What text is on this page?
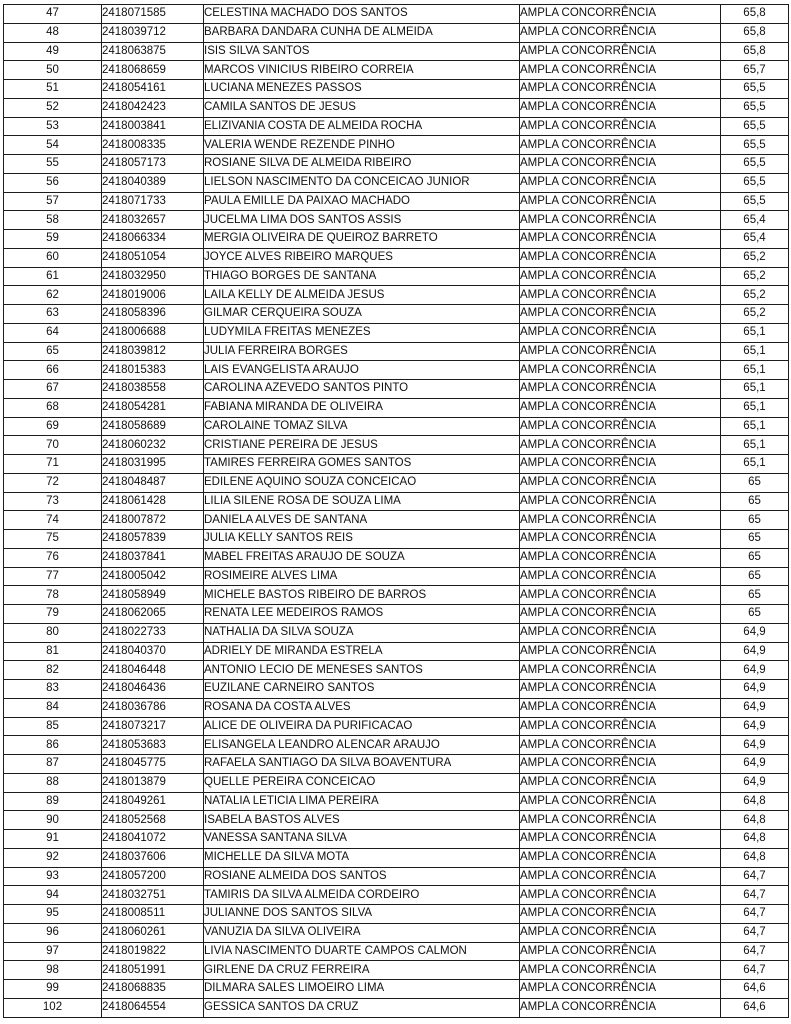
47	2418071585	CELESTINA MACHADO DOS SANTOS	AMPLA CONCORRÊNCIA	65,8
48	2418039712	BARBARA DANDARA CUNHA DE ALMEIDA	AMPLA CONCORRÊNCIA	65,8
49	2418063875	ISIS SILVA SANTOS	AMPLA CONCORRÊNCIA	65,8
50	2418068659	MARCOS VINICIUS RIBEIRO CORREIA	AMPLA CONCORRÊNCIA	65,7
51	2418054161	LUCIANA MENEZES PASSOS	AMPLA CONCORRÊNCIA	65,5
52	2418042423	CAMILA SANTOS DE JESUS	AMPLA CONCORRÊNCIA	65,5
53	2418003841	ELIZIVANIA COSTA DE ALMEIDA ROCHA	AMPLA CONCORRÊNCIA	65,5
54	2418008335	VALERIA WENDE REZENDE PINHO	AMPLA CONCORRÊNCIA	65,5
55	2418057173	ROSIANE SILVA DE ALMEIDA RIBEIRO	AMPLA CONCORRÊNCIA	65,5
56	2418040389	LIELSON NASCIMENTO DA CONCEICAO JUNIOR	AMPLA CONCORRÊNCIA	65,5
57	2418071733	PAULA EMILLE DA PAIXAO MACHADO	AMPLA CONCORRÊNCIA	65,5
58	2418032657	JUCELMA LIMA DOS SANTOS ASSIS	AMPLA CONCORRÊNCIA	65,4
59	2418066334	MERGIA OLIVEIRA DE QUEIROZ BARRETO	AMPLA CONCORRÊNCIA	65,4
60	2418051054	JOYCE ALVES RIBEIRO MARQUES	AMPLA CONCORRÊNCIA	65,2
61	2418032950	THIAGO BORGES DE SANTANA	AMPLA CONCORRÊNCIA	65,2
62	2418019006	LAILA KELLY DE ALMEIDA JESUS	AMPLA CONCORRÊNCIA	65,2
63	2418058396	GILMAR CERQUEIRA SOUZA	AMPLA CONCORRÊNCIA	65,2
64	2418006688	LUDYMILA FREITAS MENEZES	AMPLA CONCORRÊNCIA	65,1
65	2418039812	JULIA FERREIRA BORGES	AMPLA CONCORRÊNCIA	65,1
66	2418015383	LAIS EVANGELISTA ARAUJO	AMPLA CONCORRÊNCIA	65,1
67	2418038558	CAROLINA AZEVEDO SANTOS PINTO	AMPLA CONCORRÊNCIA	65,1
68	2418054281	FABIANA MIRANDA DE OLIVEIRA	AMPLA CONCORRÊNCIA	65,1
69	2418058689	CAROLAINE TOMAZ SILVA	AMPLA CONCORRÊNCIA	65,1
70	2418060232	CRISTIANE PEREIRA DE JESUS	AMPLA CONCORRÊNCIA	65,1
71	2418031995	TAMIRES FERREIRA GOMES SANTOS	AMPLA CONCORRÊNCIA	65,1
72	2418048487	EDILENE AQUINO SOUZA CONCEICAO	AMPLA CONCORRÊNCIA	65
73	2418061428	LILIA SILENE ROSA DE SOUZA LIMA	AMPLA CONCORRÊNCIA	65
74	2418007872	DANIELA ALVES DE SANTANA	AMPLA CONCORRÊNCIA	65
75	2418057839	JULIA KELLY SANTOS REIS	AMPLA CONCORRÊNCIA	65
76	2418037841	MABEL FREITAS ARAUJO DE SOUZA	AMPLA CONCORRÊNCIA	65
77	2418005042	ROSIMEIRE ALVES LIMA	AMPLA CONCORRÊNCIA	65
78	2418058949	MICHELE BASTOS RIBEIRO DE BARROS	AMPLA CONCORRÊNCIA	65
79	2418062065	RENATA LEE MEDEIROS RAMOS	AMPLA CONCORRÊNCIA	65
80	2418022733	NATHALIA DA SILVA SOUZA	AMPLA CONCORRÊNCIA	64,9
81	2418040370	ADRIELY DE MIRANDA ESTRELA	AMPLA CONCORRÊNCIA	64,9
82	2418046448	ANTONIO LECIO DE MENESES SANTOS	AMPLA CONCORRÊNCIA	64,9
83	2418046436	EUZILANE CARNEIRO SANTOS	AMPLA CONCORRÊNCIA	64,9
84	2418036786	ROSANA DA COSTA ALVES	AMPLA CONCORRÊNCIA	64,9
85	2418073217	ALICE DE OLIVEIRA DA PURIFICACAO	AMPLA CONCORRÊNCIA	64,9
86	2418053683	ELISANGELA LEANDRO ALENCAR ARAUJO	AMPLA CONCORRÊNCIA	64,9
87	2418045775	RAFAELA SANTIAGO DA SILVA BOAVENTURA	AMPLA CONCORRÊNCIA	64,9
88	2418013879	QUELLE PEREIRA CONCEICAO	AMPLA CONCORRÊNCIA	64,9
89	2418049261	NATALIA LETICIA LIMA PEREIRA	AMPLA CONCORRÊNCIA	64,8
90	2418052568	ISABELA BASTOS ALVES	AMPLA CONCORRÊNCIA	64,8
91	2418041072	VANESSA SANTANA SILVA	AMPLA CONCORRÊNCIA	64,8
92	2418037606	MICHELLE DA SILVA MOTA	AMPLA CONCORRÊNCIA	64,8
93	2418057200	ROSIANE ALMEIDA DOS SANTOS	AMPLA CONCORRÊNCIA	64,7
94	2418032751	TAMIRIS DA SILVA ALMEIDA CORDEIRO	AMPLA CONCORRÊNCIA	64,7
95	2418008511	JULIANNE DOS SANTOS SILVA	AMPLA CONCORRÊNCIA	64,7
96	2418060261	VANUZIA DA SILVA OLIVEIRA	AMPLA CONCORRÊNCIA	64,7
97	2418019822	LIVIA NASCIMENTO DUARTE CAMPOS CALMON	AMPLA CONCORRÊNCIA	64,7
98	2418051991	GIRLENE DA CRUZ FERREIRA	AMPLA CONCORRÊNCIA	64,7
99	2418068835	DILMARA SALES LIMOEIRO LIMA	AMPLA CONCORRÊNCIA	64,6
102	2418064554	GESSICA SANTOS DA CRUZ	AMPLA CONCORRÊNCIA	64,6
